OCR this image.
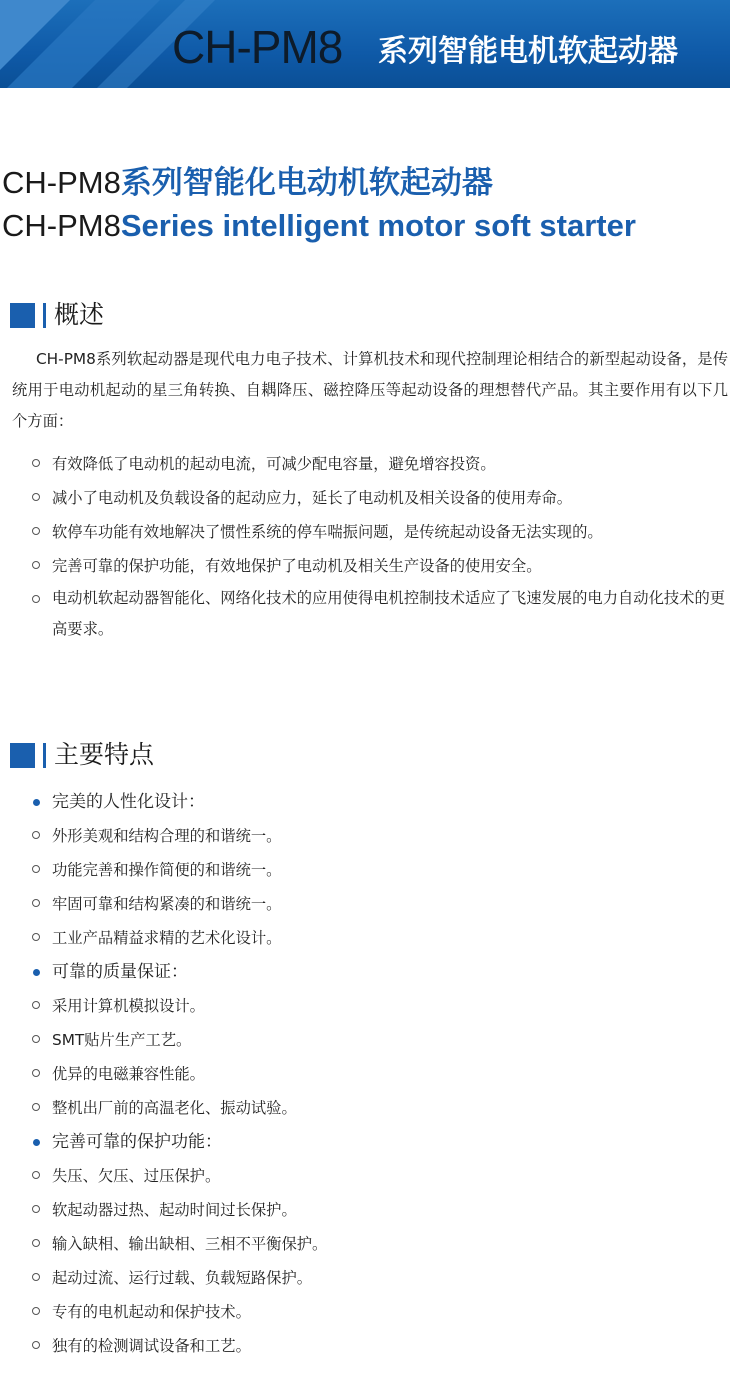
CH-PM8 系列智能电机软起动器
CH-PM8系列智能化电动机软起动器
CH-PM8Series intelligent motor soft starter
概述
CH-PM8系列软起动器是现代电力电子技术、计算机技术和现代控制理论相结合的新型起动设备，是传统用于电动机起动的星三角转换、自耦降压、磁控降压等起动设备的理想替代产品。其主要作用有以下几个方面：
有效降低了电动机的起动电流，可减少配电容量，避免增容投资。
减小了电动机及负载设备的起动应力，延长了电动机及相关设备的使用寿命。
软停车功能有效地解决了惯性系统的停车喘振问题，是传统起动设备无法实现的。
完善可靠的保护功能，有效地保护了电动机及相关生产设备的使用安全。
电动机软起动器智能化、网络化技术的应用使得电机控制技术适应了飞速发展的电力自动化技术的更高要求。
主要特点
完美的人性化设计：
外形美观和结构合理的和谐统一。
功能完善和操作简便的和谐统一。
牢固可靠和结构紧凑的和谐统一。
工业产品精益求精的艺术化设计。
可靠的质量保证：
采用计算机模拟设计。
SMT贴片生产工艺。
优异的电磁兼容性能。
整机出厂前的高温老化、振动试验。
完善可靠的保护功能：
失压、欠压、过压保护。
软起动器过热、起动时间过长保护。
输入缺相、输出缺相、三相不平衡保护。
起动过流、运行过载、负载短路保护。
专有的电机起动和保护技术。
独有的检测调试设备和工艺。
